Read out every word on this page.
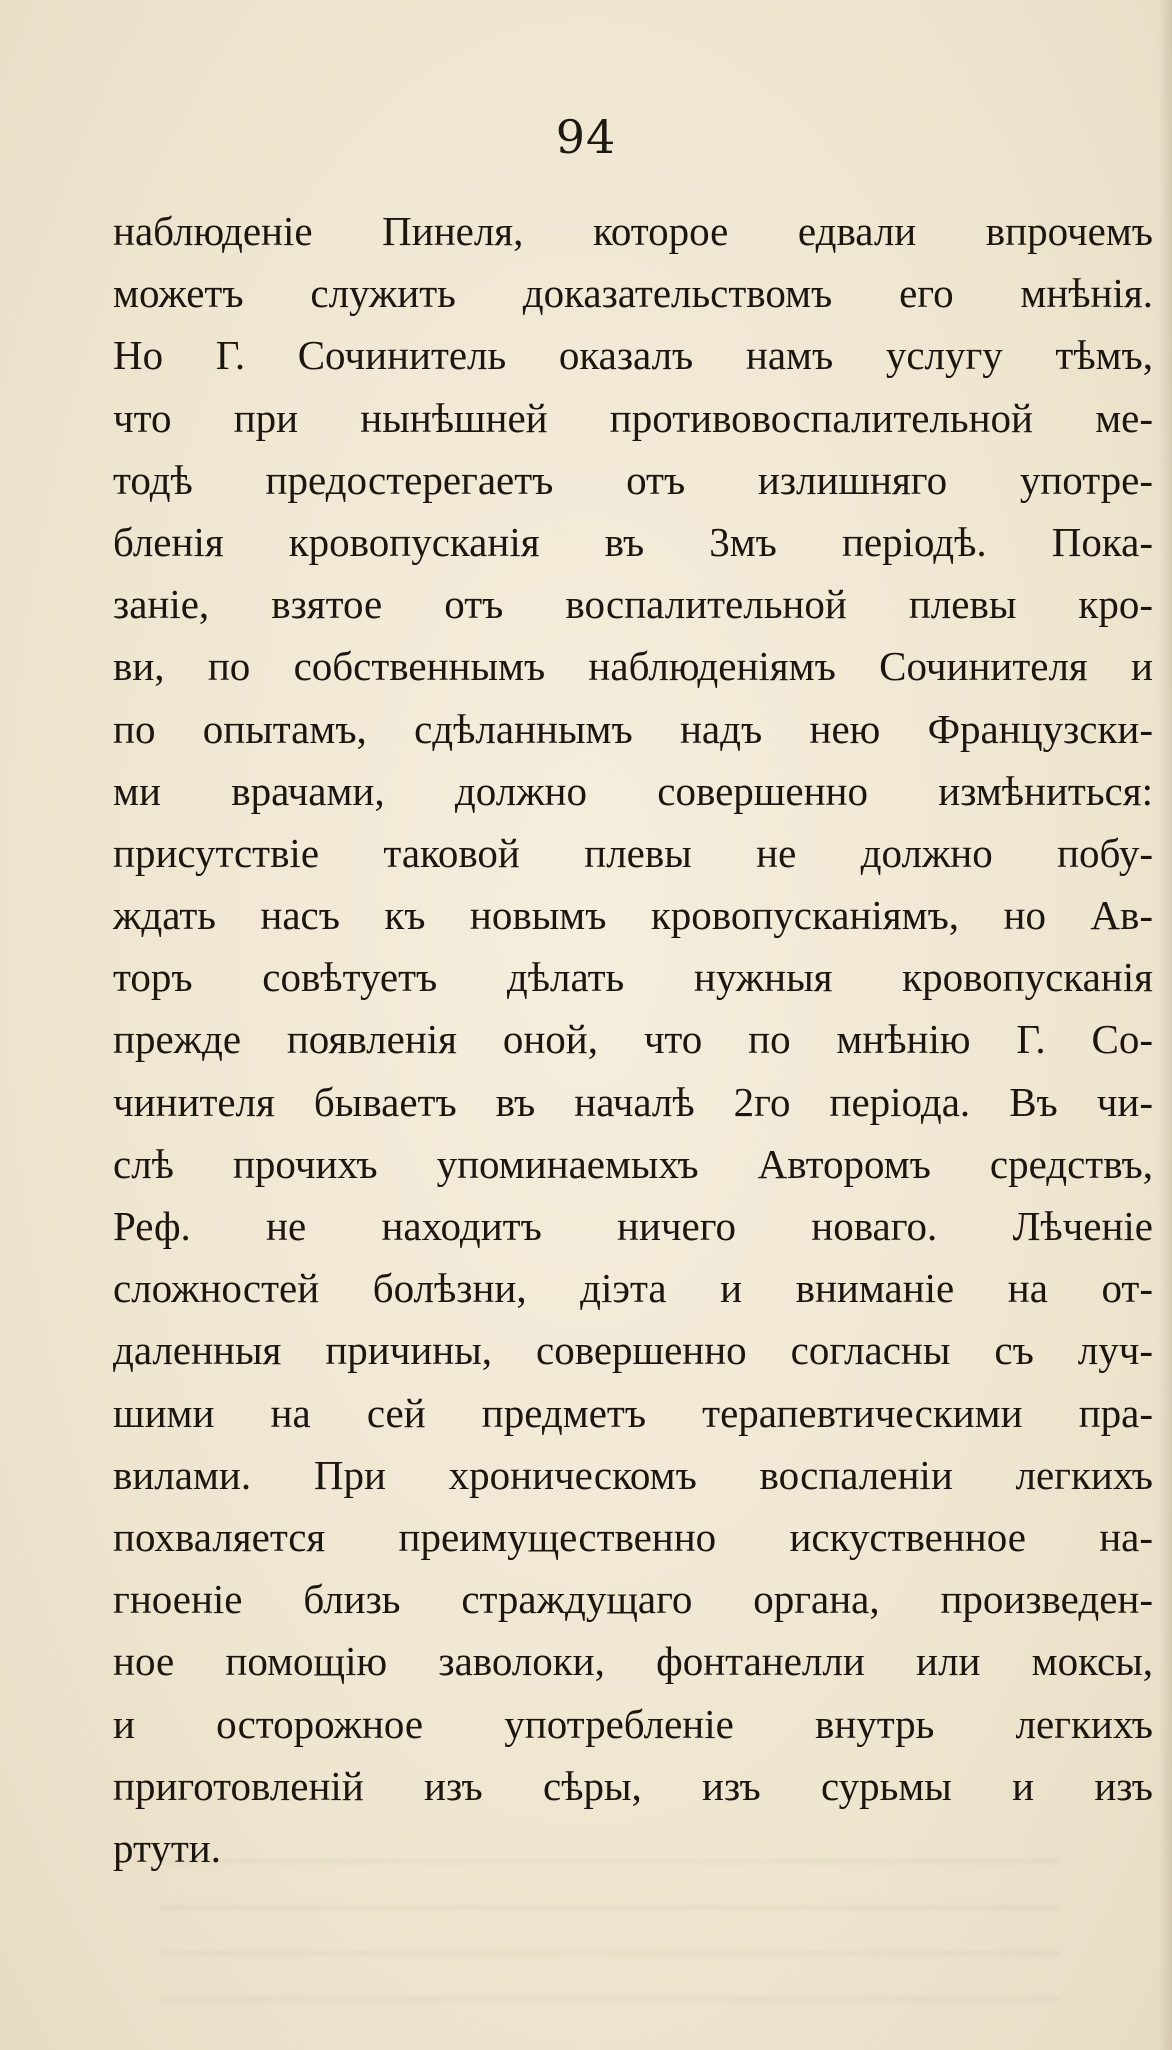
94
наблюденіе Пинеля, которое едвали впрочемъ
можетъ служить доказательствомъ его мнѣнія.
Но Г. Сочинитель оказалъ намъ услугу тѣмъ,
что при нынѣшней противовоспалительной ме-
тодѣ предостерегаетъ отъ излишняго употре-
бленія кровопусканія въ 3мъ періодѣ. Пока-
заніе, взятое отъ воспалительной плевы кро-
ви, по собственнымъ наблюденіямъ Сочинителя и
по опытамъ, сдѣланнымъ надъ нею Французски-
ми врачами, должно совершенно измѣниться:
присутствіе таковой плевы не должно побу-
ждать насъ къ новымъ кровопусканіямъ, но Ав-
торъ совѣтуетъ дѣлать нужныя кровопусканія
прежде появленія оной, что по мнѣнію Г. Со-
чинителя бываетъ въ началѣ 2го періода. Въ чи-
слѣ прочихъ упоминаемыхъ Авторомъ средствъ,
Реф. не находитъ ничего новаго. Лѣченіе
сложностей болѣзни, діэта и вниманіе на от-
даленныя причины, совершенно согласны съ луч-
шими на сей предметъ терапевтическими пра-
вилами. При хроническомъ воспаленіи легкихъ
похваляется преимущественно искуственное на-
гноеніе близь страждущаго органа, произведен-
ное помощію заволоки, фонтанелли или моксы,
и осторожное употребленіе внутрь легкихъ
приготовленій изъ сѣры, изъ сурьмы и изъ
ртути.
